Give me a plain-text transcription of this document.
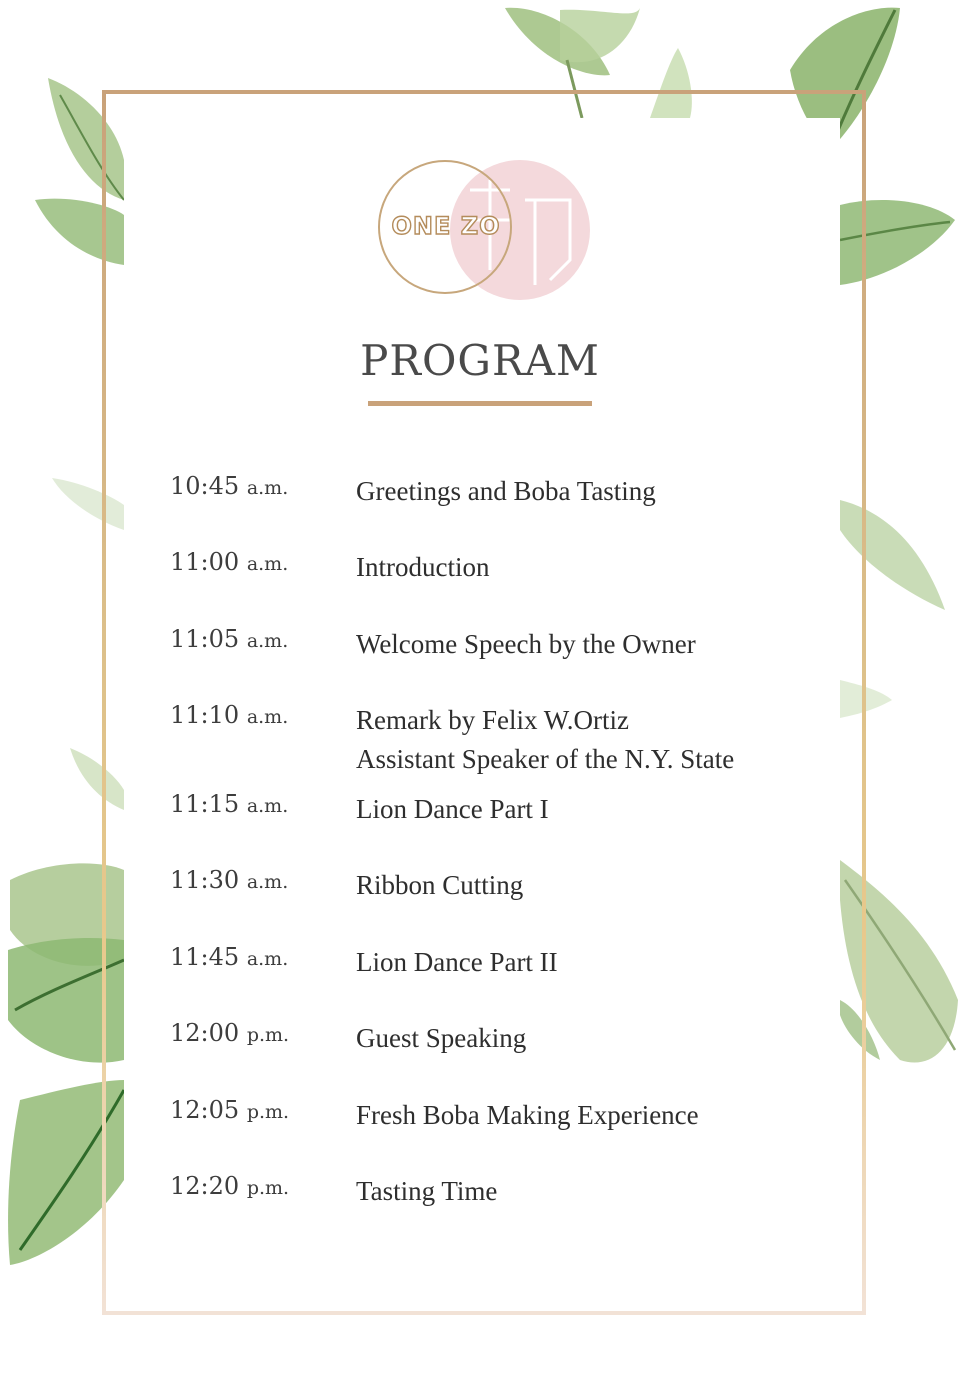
ONE ZO
PROGRAM
10:45 a.m.	Greetings and Boba Tasting
11:00 a.m.	Introduction
11:05 a.m.	Welcome Speech by the Owner
11:10 a.m.	Remark by Felix W.Ortiz
Assistant Speaker of the N.Y. State
11:15 a.m.	Lion Dance Part I
11:30 a.m.	Ribbon Cutting
11:45 a.m.	Lion Dance Part II
12:00 p.m.	Guest Speaking
12:05 p.m.	Fresh Boba Making Experience
12:20 p.m.	Tasting Time
